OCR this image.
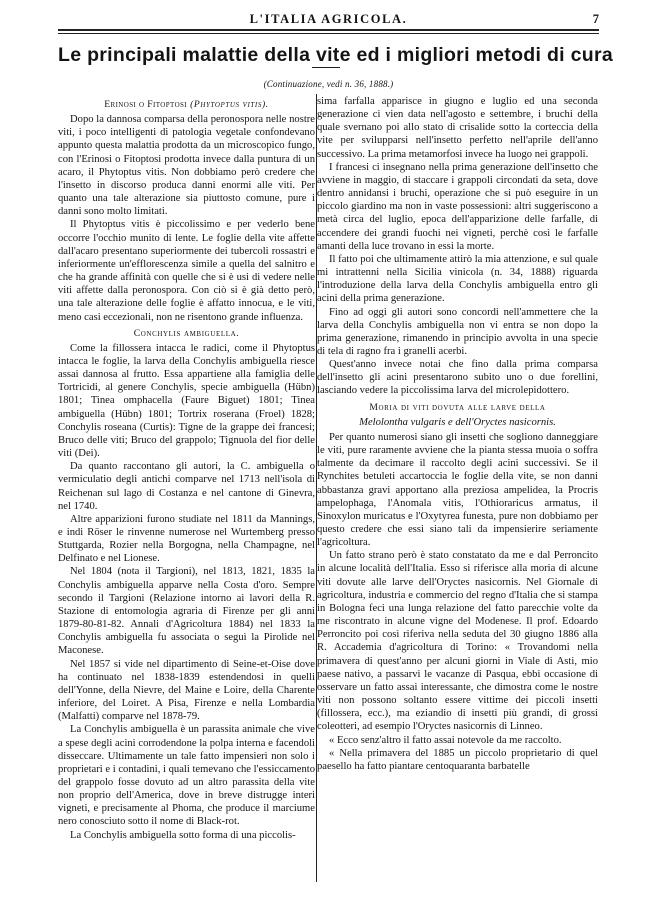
L'ITALIA AGRICOLA.	7
Le principali malattie della vite ed i migliori metodi di cura
(Continuazione, vedi n. 36, 1888.)

Erinosi o Fitoptosi (Phytoptus vitis).

Dopo la dannosa comparsa della peronospora nelle nostre viti, i poco intelligenti di patologia vegetale confondevano appunto questa malattia prodotta da un microscopico fungo, con l'Erinosi o Fitoptosi prodotta invece dalla puntura di un acaro, il Phytoptus vitis. Non dobbiamo però credere che l'insetto in discorso produca danni enormi alle viti. Per quanto una tale alterazione sia piuttosto comune, pure i danni sono molto limitati.

Il Phytoptus vitis è piccolissimo e per vederlo bene occorre l'occhio munito di lente. Le foglie della vite affette dall'acaro presentano superiormente dei tubercoli rossastri e inferiormente un'efflorescenza simile a quella del salnitro e che ha grande affinità con quelle che si è usi di vedere nelle viti affette dalla peronospora. Con ciò si è già detto però, una tale alterazione delle foglie è affatto innocua, e le viti, meno casi eccezionali, non ne risentono grande influenza.

Conchylis ambiguella.

Come la fillossera intacca le radici, come il Phytoptus intacca le foglie, la larva della Conchylis ambiguella riesce assai dannosa al frutto. Essa appartiene alla famiglia delle Tortricidi, al genere Conchylis, specie ambiguella (Hübn) 1801; Tinea omphacella (Faure Biguet) 1801; Tinea ambiguella (Hübn) 1801; Tortrix roserana (Froel) 1828; Conchylis roseana (Curtis): Tigne de la grappe dei francesi; Bruco delle viti; Bruco del grappolo; Tignuola del fior delle viti (Dei).

Da quanto raccontano gli autori, la C. ambiguella o vermiculatio degli antichi comparve nel 1713 nell'isola di Reichenan sul lago di Costanza e nel cantone di Ginevra, nel 1740.

Altre apparizioni furono studiate nel 1811 da Mannings, e indi Röser le rinvenne numerose nel Wurtemberg presso Stuttgarda, Rozier nella Borgogna, nella Champagne, nel Delfinato e nel Lionese.

Nel 1804 (nota il Targioni), nel 1813, 1821, 1835 la Conchylis ambiguella apparve nella Costa d'oro. Sempre secondo il Targioni (Relazione intorno ai lavori della R. Stazione di entomologia agraria di Firenze per gli anni 1879-80-81-82. Annali d'Agricoltura 1884) nel 1833 la Conchylis ambiguella fu associata o seguì la Pirolide nel Maconese.

Nel 1857 si vide nel dipartimento di Seine-et-Oise dove ha continuato nel 1838-1839 estendendosi in quelli dell'Yonne, della Nievre, del Maine e Loire, della Charente inferiore, del Loiret. A Pisa, Firenze e nella Lombardia (Malfatti) comparve nel 1878-79.

La Conchylis ambiguella è un parassita animale che vive a spese degli acini corrodendone la polpa interna e facendoli disseccare. Ultimamente un tale fatto impensierì non solo i proprietari e i contadini, i quali temevano che l'essiccamento del grappolo fosse dovuto ad un altro parassita della vite non proprio dell'America, dove in breve distrugge interi vigneti, e precisamente al Phoma, che produce il marciume nero conosciuto sotto il nome di Black-rot.

La Conchylis ambiguella sotto forma di una piccolis-

sima farfalla apparisce in giugno e luglio ed una seconda generazione ci vien data nell'agosto e settembre, i bruchi della quale svernano poi allo stato di crisalide sotto la corteccia della vite per svilupparsi nell'insetto perfetto nell'aprile dell'anno successivo. La prima metamorfosi invece ha luogo nei grappoli.

I francesi ci insegnano nella prima generazione dell'insetto che avviene in maggio, di staccare i grappoli circondati da seta, dove dentro annidansi i bruchi, operazione che si può eseguire in un piccolo giardino ma non in vaste possessioni: altri suggeriscono a metà circa del luglio, epoca dell'apparizione delle farfalle, di accendere dei grandi fuochi nei vigneti, perchè così le farfalle amanti della luce trovano in essi la morte.

Il fatto poi che ultimamente attirò la mia attenzione, e sul quale mi intrattenni nella Sicilia vinicola (n. 34, 1888) riguarda l'introduzione della larva della Conchylis ambiguella entro gli acini della prima generazione.

Fino ad oggi gli autori sono concordi nell'ammettere che la larva della Conchylis ambiguella non vi entra se non dopo la prima generazione, rimanendo in principio avvolta in una specie di tela di ragno fra i granelli acerbi.

Quest'anno invece notai che fino dalla prima comparsa dell'insetto gli acini presentarono subito uno o due forellini, lasciando vedere la piccolissima larva del microlepidottero.

Moria di viti dovuta alle larve della

Melolontha vulgaris e dell'Oryctes nasicornis.

Per quanto numerosi siano gli insetti che sogliono danneggiare le viti, pure raramente avviene che la pianta stessa muoia o soffra talmente da decimare il raccolto degli acini successivi. Se il Rynchites betuleti accartoccia le foglie della vite, se non danni abbastanza gravi apportano alla preziosa ampelidea, la Procris ampelophaga, l'Anomala vitis, l'Othioraricus armatus, il Sinoxylon muricatus e l'Oxytyrea funesta, pure non dobbiamo per questo credere che essi siano tali da impensierire seriamente l'agricoltura.

Un fatto strano però è stato constatato da me e dal Perroncito in alcune località dell'Italia. Esso si riferisce alla moria di alcune viti dovute alle larve dell'Oryctes nasicornis. Nel Giornale di agricoltura, industria e commercio del regno d'Italia che si stampa in Bologna feci una lunga relazione del fatto parecchie volte da me riscontrato in alcune vigne del Modenese. Il prof. Edoardo Perroncito poi così riferiva nella seduta del 30 giugno 1886 alla R. Accademia d'agricoltura di Torino: « Trovandomi nella primavera di quest'anno per alcuni giorni in Viale di Asti, mio paese nativo, a passarvi le vacanze di Pasqua, ebbi occasione di osservare un fatto assai interessante, che dimostra come le nostre viti non possono soltanto essere vittime dei piccoli insetti (fillossera, ecc.), ma eziandio di insetti più grandi, di grossi coleotteri, ad esempio l'Oryctes nasicornis di Linneo.

« Ecco senz'altro il fatto assai notevole da me raccolto.

« Nella primavera del 1885 un piccolo proprietario di quel paesello ha fatto piantare centoquaranta barbatelle
